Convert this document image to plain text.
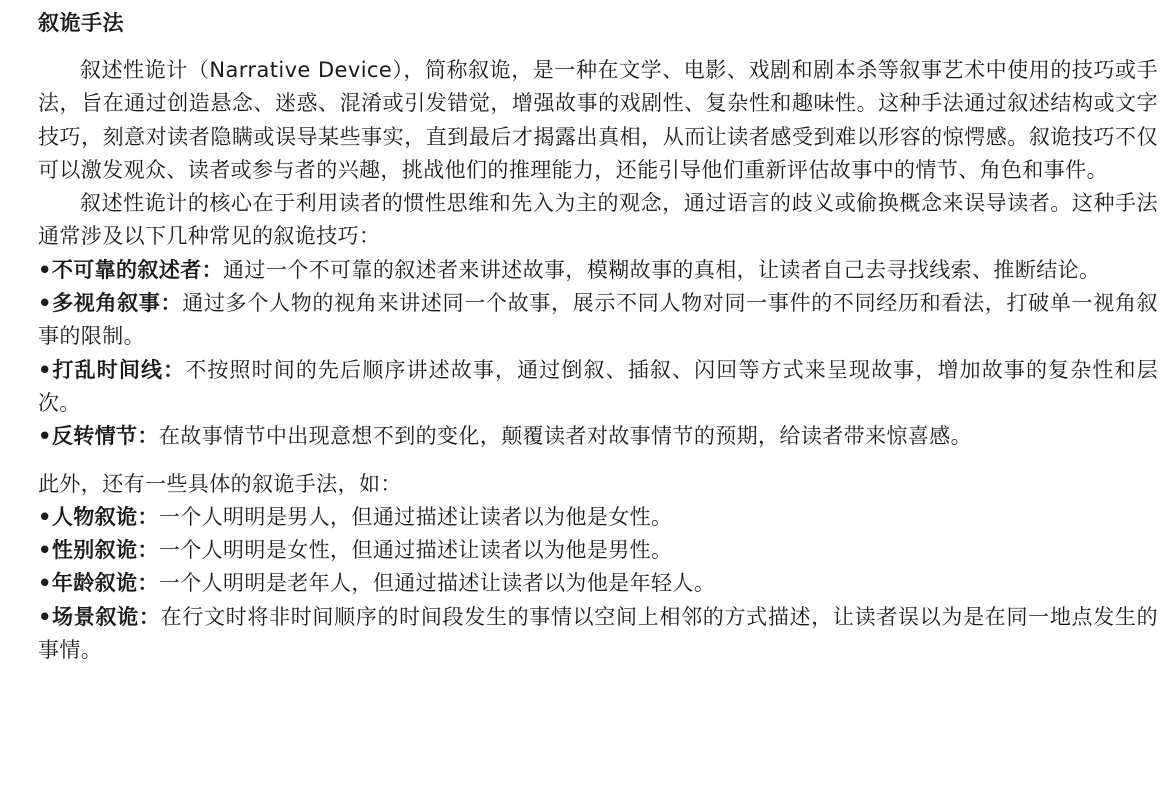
叙诡手法

叙述性诡计（Narrative Device），简称叙诡，是一种在文学、电影、戏剧和剧本杀等叙事艺术中使用的技巧或手法，旨在通过创造悬念、迷惑、混淆或引发错觉，增强故事的戏剧性、复杂性和趣味性。这种手法通过叙述结构或文字技巧，刻意对读者隐瞒或误导某些事实，直到最后才揭露出真相，从而让读者感受到难以形容的惊愕感。叙诡技巧不仅可以激发观众、读者或参与者的兴趣，挑战他们的推理能力，还能引导他们重新评估故事中的情节、角色和事件。

叙述性诡计的核心在于利用读者的惯性思维和先入为主的观念，通过语言的歧义或偷换概念来误导读者。这种手法通常涉及以下几种常见的叙诡技巧：

•不可靠的叙述者：通过一个不可靠的叙述者来讲述故事，模糊故事的真相，让读者自己去寻找线索、推断结论。

•多视角叙事：通过多个人物的视角来讲述同一个故事，展示不同人物对同一事件的不同经历和看法，打破单一视角叙事的限制。

•打乱时间线：不按照时间的先后顺序讲述故事，通过倒叙、插叙、闪回等方式来呈现故事，增加故事的复杂性和层次。

•反转情节：在故事情节中出现意想不到的变化，颠覆读者对故事情节的预期，给读者带来惊喜感。

此外，还有一些具体的叙诡手法，如：

•人物叙诡：一个人明明是男人，但通过描述让读者以为他是女性。

•性别叙诡：一个人明明是女性，但通过描述让读者以为他是男性。

•年龄叙诡：一个人明明是老年人，但通过描述让读者以为他是年轻人。

•场景叙诡：在行文时将非时间顺序的时间段发生的事情以空间上相邻的方式描述，让读者误以为是在同一地点发生的事情。
